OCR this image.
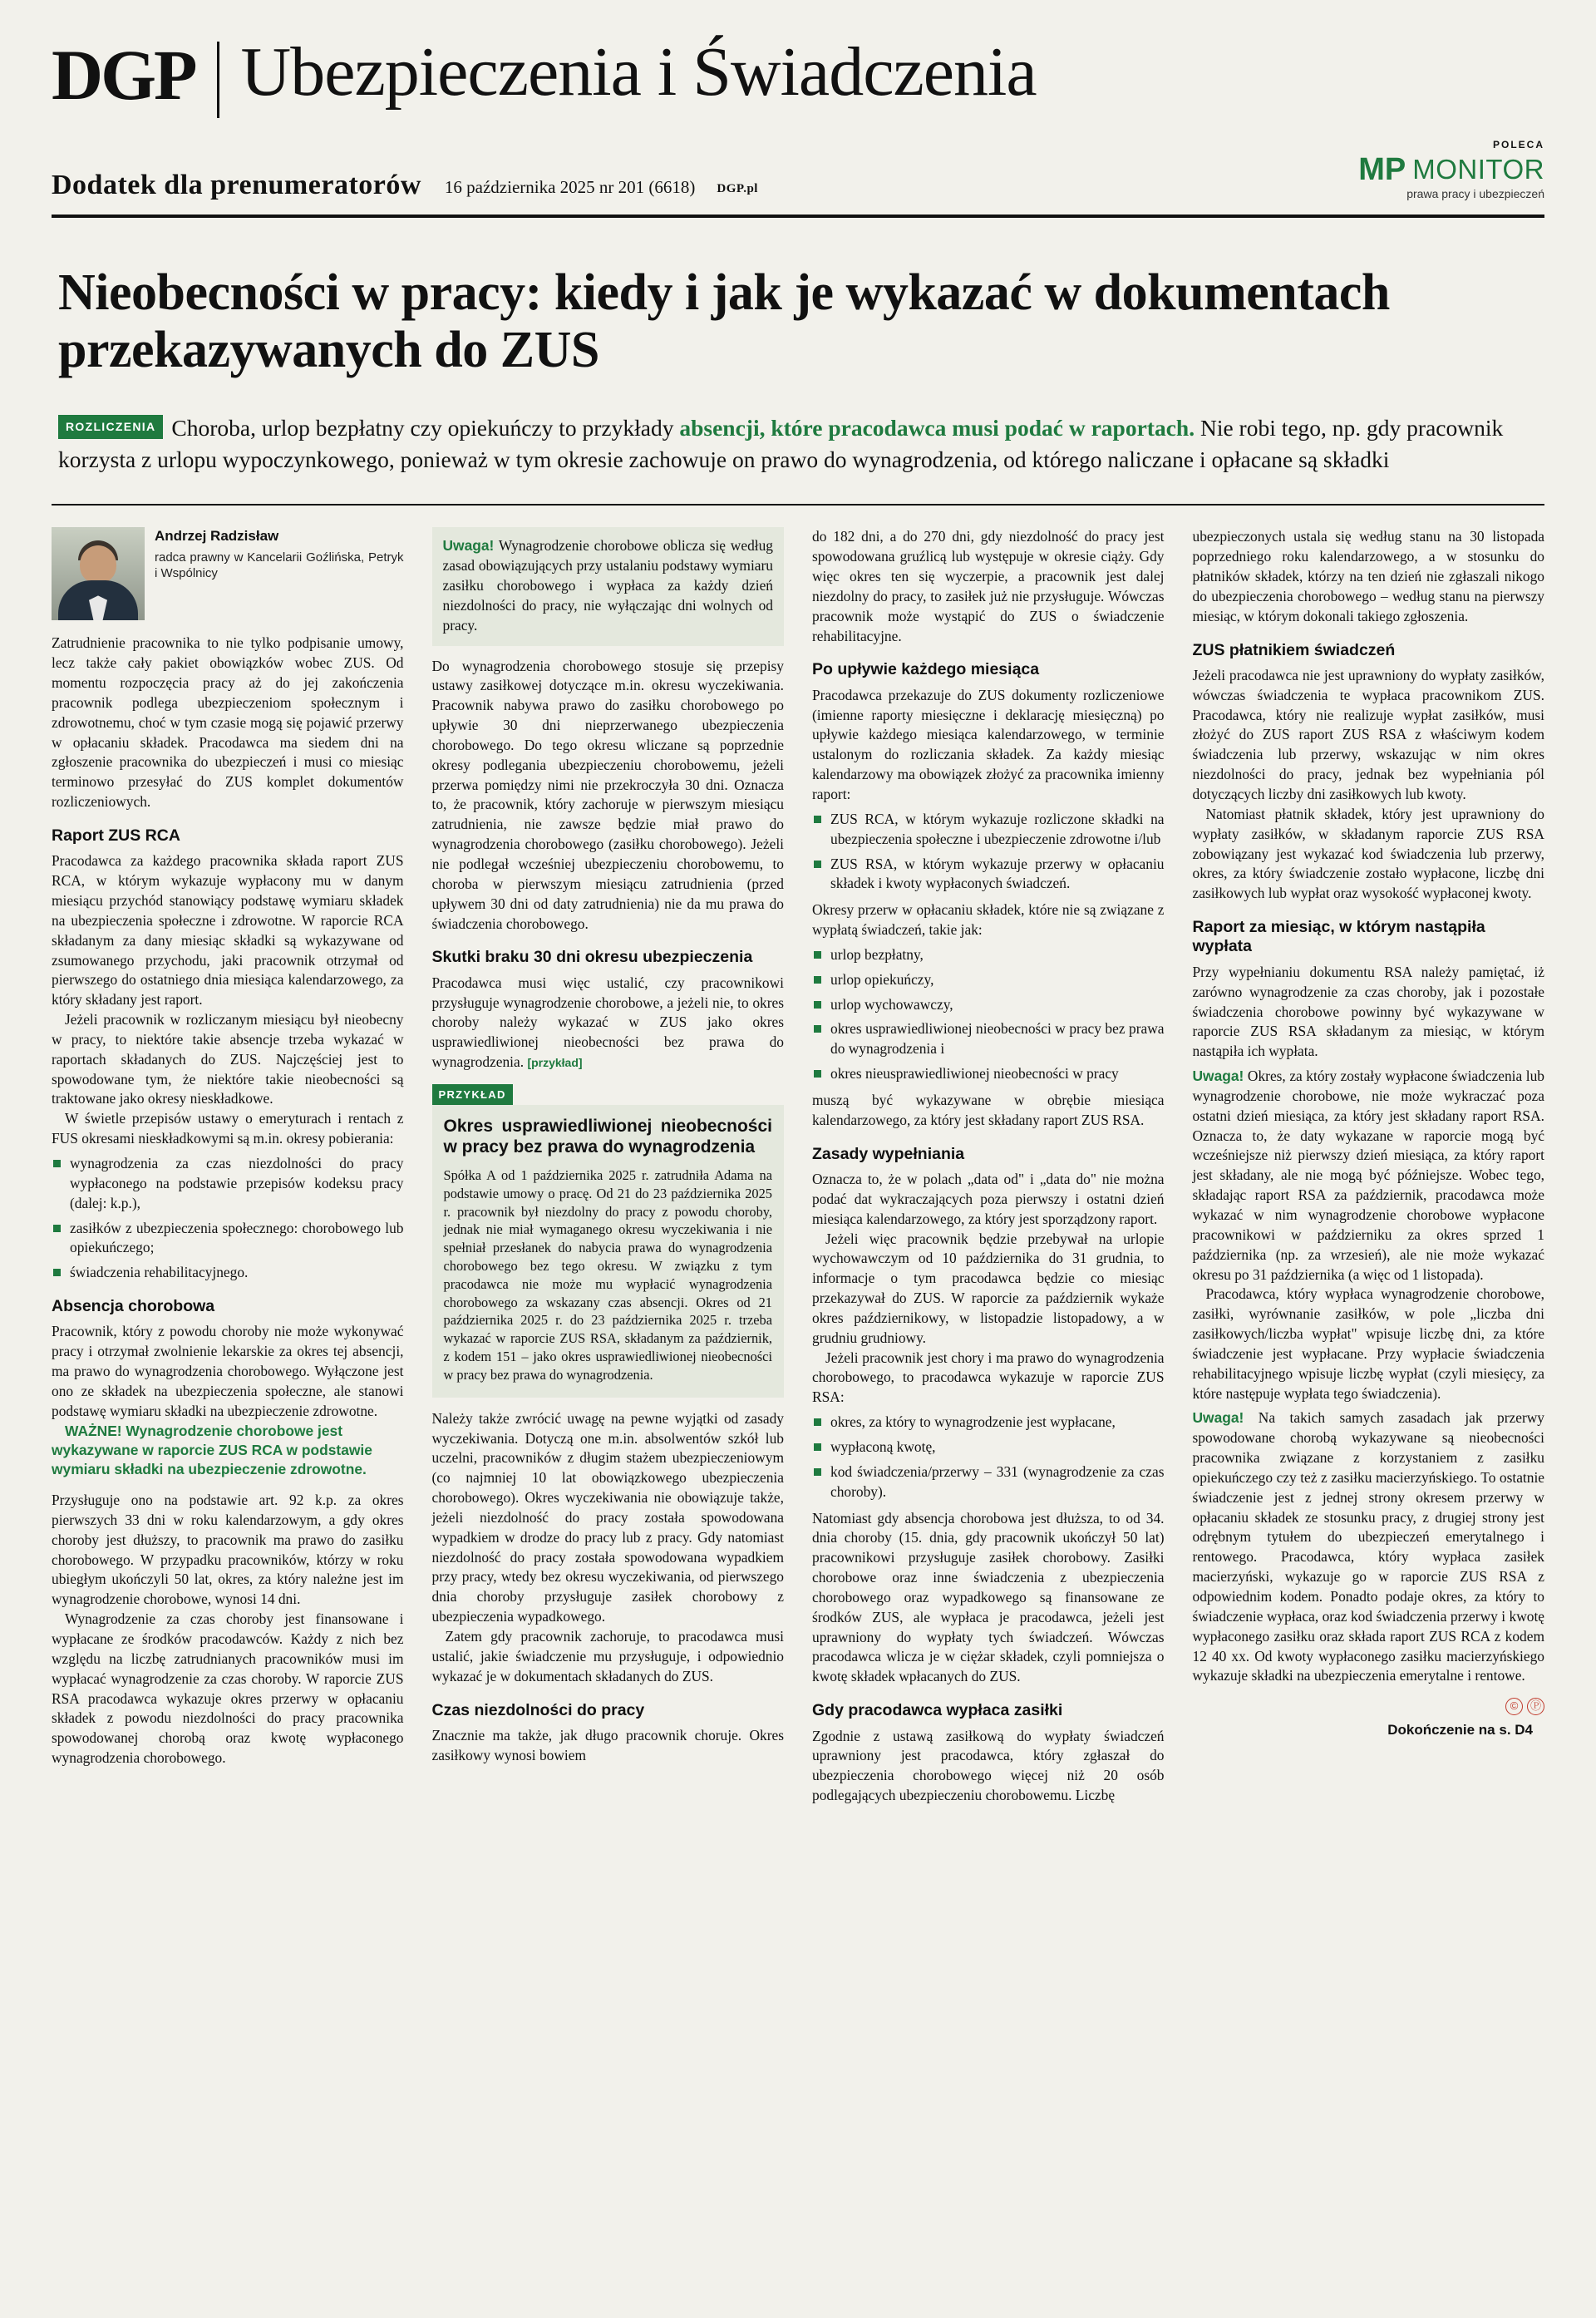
DGP Ubezpieczenia i Świadczenia
Dodatek dla prenumeratorów 16 października 2025 nr 201 (6618) DGP.pl
POLECA
MP MONITOR
prawa pracy i ubezpieczeń
Nieobecności w pracy: kiedy i jak je wykazać w dokumentach przekazywanych do ZUS
ROZLICZENIA Choroba, urlop bezpłatny czy opiekuńczy to przykłady absencji, które pracodawca musi podać w raportach. Nie robi tego, np. gdy pracownik korzysta z urlopu wypoczynkowego, ponieważ w tym okresie zachowuje on prawo do wynagrodzenia, od którego naliczane i opłacane są składki
Andrzej Radzisław
radca prawny w Kancelarii Goźlińska, Petryk i Wspólnicy

Zatrudnienie pracownika to nie tylko podpisanie umowy, lecz także cały pakiet obowiązków wobec ZUS. Od momentu rozpoczęcia pracy aż do jej zakończenia pracownik podlega ubezpieczeniom społecznym i zdrowotnemu, choć w tym czasie mogą się pojawić przerwy w opłacaniu składek. Pracodawca ma siedem dni na zgłoszenie pracownika do ubezpieczeń i musi co miesiąc terminowo przesyłać do ZUS komplet dokumentów rozliczeniowych.

Raport ZUS RCA

Pracodawca za każdego pracownika składa raport ZUS RCA, w którym wykazuje wypłacony mu w danym miesiącu przychód stanowiący podstawę wymiaru składek na ubezpieczenia społeczne i zdrowotne. W raporcie RCA składanym za dany miesiąc składki są wykazywane od zsumowanego przychodu, jaki pracownik otrzymał od pierwszego do ostatniego dnia miesiąca kalendarzowego, za który składany jest raport.

Jeżeli pracownik w rozliczanym miesiącu był nieobecny w pracy, to niektóre takie absencje trzeba wykazać w raportach składanych do ZUS. Najczęściej jest to spowodowane tym, że niektóre takie nieobecności są traktowane jako okresy nieskładkowe.

W świetle przepisów ustawy o emeryturach i rentach z FUS okresami nieskładkowymi są m.in. okresy pobierania:

wynagrodzenia za czas niezdolności do pracy wypłaconego na podstawie przepisów kodeksu pracy (dalej: k.p.),
zasiłków z ubezpieczenia społecznego: chorobowego lub opiekuńczego;
świadczenia rehabilitacyjnego.
Absencja chorobowa

Pracownik, który z powodu choroby nie może wykonywać pracy i otrzymał zwolnienie lekarskie za okres tej absencji, ma prawo do wynagrodzenia chorobowego. Wyłączone jest ono ze składek na ubezpieczenia społeczne, ale stanowi podstawę wymiaru składki na ubezpieczenie zdrowotne.

WAŻNE! Wynagrodzenie chorobowe jest wykazywane w raporcie ZUS RCA w podstawie wymiaru składki na ubezpieczenie zdrowotne.

Przysługuje ono na podstawie art. 92 k.p. za okres pierwszych 33 dni w roku kalendarzowym, a gdy okres choroby jest dłuższy, to pracownik ma prawo do zasiłku chorobowego. W przypadku pracowników, którzy w roku ubiegłym ukończyli 50 lat, okres, za który należne jest im wynagrodzenie chorobowe, wynosi 14 dni.

Wynagrodzenie za czas choroby jest finansowane i wypłacane ze środków pracodawców. Każdy z nich bez względu na liczbę zatrudnianych pracowników musi im wypłacać wynagrodzenie za czas choroby. W raporcie ZUS RSA pracodawca wykazuje okres przerwy w opłacaniu składek z powodu niezdolności do pracy pracownika spowodowanej chorobą oraz kwotę wypłaconego wynagrodzenia chorobowego.

Uwaga! Wynagrodzenie chorobowe oblicza się według zasad obowiązujących przy ustalaniu podstawy wymiaru zasiłku chorobowego i wypłaca za każdy dzień niezdolności do pracy, nie wyłączając dni wolnych od pracy.

Do wynagrodzenia chorobowego stosuje się przepisy ustawy zasiłkowej dotyczące m.in. okresu wyczekiwania. Pracownik nabywa prawo do zasiłku chorobowego po upływie 30 dni nieprzerwanego ubezpieczenia chorobowego. Do tego okresu wliczane są poprzednie okresy podlegania ubezpieczeniu chorobowemu, jeżeli przerwa pomiędzy nimi nie przekroczyła 30 dni. Oznacza to, że pracownik, który zachoruje w pierwszym miesiącu zatrudnienia, nie zawsze będzie miał prawo do wynagrodzenia chorobowego (zasiłku chorobowego). Jeżeli nie podlegał wcześniej ubezpieczeniu chorobowemu, to choroba w pierwszym miesiącu zatrudnienia (przed upływem 30 dni od daty zatrudnienia) nie da mu prawa do świadczenia chorobowego.

Skutki braku 30 dni okresu ubezpieczenia

Pracodawca musi więc ustalić, czy pracownikowi przysługuje wynagrodzenie chorobowe, a jeżeli nie, to okres choroby należy wykazać w ZUS jako okres usprawiedliwionej nieobecności bez prawa do wynagrodzenia. [przykład]

PRZYKŁAD
Okres usprawiedliwionej nieobecności w pracy bez prawa do wynagrodzenia

Spółka A od 1 października 2025 r. zatrudniła Adama na podstawie umowy o pracę. Od 21 do 23 października 2025 r. pracownik był niezdolny do pracy z powodu choroby, jednak nie miał wymaganego okresu wyczekiwania i nie spełniał przesłanek do nabycia prawa do wynagrodzenia chorobowego bez tego okresu. W związku z tym pracodawca nie może mu wypłacić wynagrodzenia chorobowego za wskazany czas absencji. Okres od 21 października 2025 r. do 23 października 2025 r. trzeba wykazać w raporcie ZUS RSA, składanym za październik, z kodem 151 – jako okres usprawiedliwionej nieobecności w pracy bez prawa do wynagrodzenia.

Należy także zwrócić uwagę na pewne wyjątki od zasady wyczekiwania. Dotyczą one m.in. absolwentów szkół lub uczelni, pracowników z długim stażem ubezpieczeniowym (co najmniej 10 lat obowiązkowego ubezpieczenia chorobowego). Okres wyczekiwania nie obowiązuje także, jeżeli niezdolność do pracy została spowodowana wypadkiem w drodze do pracy lub z pracy. Gdy natomiast niezdolność do pracy została spowodowana wypadkiem przy pracy, wtedy bez okresu wyczekiwania, od pierwszego dnia choroby przysługuje zasiłek chorobowy z ubezpieczenia wypadkowego.

Zatem gdy pracownik zachoruje, to pracodawca musi ustalić, jakie świadczenie mu przysługuje, i odpowiednio wykazać je w dokumentach składanych do ZUS.

Czas niezdolności do pracy

Znacznie ma także, jak długo pracownik choruje. Okres zasiłkowy wynosi bowiem

do 182 dni, a do 270 dni, gdy niezdolność do pracy jest spowodowana gruźlicą lub występuje w okresie ciąży. Gdy więc okres ten się wyczerpie, a pracownik jest dalej niezdolny do pracy, to zasiłek już nie przysługuje. Wówczas pracownik może wystąpić do ZUS o świadczenie rehabilitacyjne.

Po upływie każdego miesiąca

Pracodawca przekazuje do ZUS dokumenty rozliczeniowe (imienne raporty miesięczne i deklarację miesięczną) po upływie każdego miesiąca kalendarzowego, w terminie ustalonym do rozliczania składek. Za każdy miesiąc kalendarzowy ma obowiązek złożyć za pracownika imienny raport:

ZUS RCA, w którym wykazuje rozliczone składki na ubezpieczenia społeczne i ubezpieczenie zdrowotne i/lub
ZUS RSA, w którym wykazuje przerwy w opłacaniu składek i kwoty wypłaconych świadczeń.

Okresy przerw w opłacaniu składek, które nie są związane z wypłatą świadczeń, takie jak:

urlop bezpłatny,
urlop opiekuńczy,
urlop wychowawczy,
okres usprawiedliwionej nieobecności w pracy bez prawa do wynagrodzenia i
okres nieusprawiedliwionej nieobecności w pracy

muszą być wykazywane w obrębie miesiąca kalendarzowego, za który jest składany raport ZUS RSA.

Zasady wypełniania

Oznacza to, że w polach „data od" i „data do" nie można podać dat wykraczających poza pierwszy i ostatni dzień miesiąca kalendarzowego, za który jest sporządzony raport.

Jeżeli więc pracownik będzie przebywał na urlopie wychowawczym od 10 października do 31 grudnia, to informacje o tym pracodawca będzie co miesiąc przekazywał do ZUS. W raporcie za październik wykaże okres październikowy, w listopadzie listopadowy, a w grudniu grudniowy.

Jeżeli pracownik jest chory i ma prawo do wynagrodzenia chorobowego, to pracodawca wykazuje w raporcie ZUS RSA:

okres, za który to wynagrodzenie jest wypłacane,
wypłaconą kwotę,
kod świadczenia/przerwy – 331 (wynagrodzenie za czas choroby).

Natomiast gdy absencja chorobowa jest dłuższa, to od 34. dnia choroby (15. dnia, gdy pracownik ukończył 50 lat) pracownikowi przysługuje zasiłek chorobowy. Zasiłki chorobowe oraz inne świadczenia z ubezpieczenia chorobowego oraz wypadkowego są finansowane ze środków ZUS, ale wypłaca je pracodawca, jeżeli jest uprawniony do wypłaty tych świadczeń. Wówczas pracodawca wlicza je w ciężar składek, czyli pomniejsza o kwotę składek wpłacanych do ZUS.

Gdy pracodawca wypłaca zasiłki

Zgodnie z ustawą zasiłkową do wypłaty świadczeń uprawniony jest pracodawca, który zgłaszał do ubezpieczenia chorobowego więcej niż 20 osób podlegających ubezpieczeniu chorobowemu. Liczbę

ubezpieczonych ustala się według stanu na 30 listopada poprzedniego roku kalendarzowego, a w stosunku do płatników składek, którzy na ten dzień nie zgłaszali nikogo do ubezpieczenia chorobowego – według stanu na pierwszy miesiąc, w którym dokonali takiego zgłoszenia.

ZUS płatnikiem świadczeń

Jeżeli pracodawca nie jest uprawniony do wypłaty zasiłków, wówczas świadczenia te wypłaca pracownikom ZUS. Pracodawca, który nie realizuje wypłat zasiłków, musi złożyć do ZUS raport ZUS RSA z właściwym kodem świadczenia lub przerwy, wskazując w nim okres niezdolności do pracy, jednak bez wypełniania pól dotyczących liczby dni zasiłkowych lub kwoty.

Natomiast płatnik składek, który jest uprawniony do wypłaty zasiłków, w składanym raporcie ZUS RSA zobowiązany jest wykazać kod świadczenia lub przerwy, okres, za który świadczenie zostało wypłacone, liczbę dni zasiłkowych lub wypłat oraz wysokość wypłaconej kwoty.

Raport za miesiąc, w którym nastąpiła wypłata

Przy wypełnianiu dokumentu RSA należy pamiętać, iż zarówno wynagrodzenie za czas choroby, jak i pozostałe świadczenia chorobowe powinny być wykazywane w raporcie ZUS RSA składanym za miesiąc, w którym nastąpiła ich wypłata.

Uwaga! Okres, za który zostały wypłacone świadczenia lub wynagrodzenie chorobowe, nie może wykraczać poza ostatni dzień miesiąca, za który jest składany raport RSA. Oznacza to, że daty wykazane w raporcie mogą być wcześniejsze niż pierwszy dzień miesiąca, za który raport jest składany, ale nie mogą być późniejsze. Wobec tego, składając raport RSA za październik, pracodawca może wykazać w nim wynagrodzenie chorobowe wypłacone pracownikowi w październiku za okres sprzed 1 października (np. za wrzesień), ale nie może wykazać okresu po 31 października (a więc od 1 listopada).

Pracodawca, który wypłaca wynagrodzenie chorobowe, zasiłki, wyrównanie zasiłków, w pole „liczba dni zasiłkowych/liczba wypłat" wpisuje liczbę dni, za które świadczenie jest wypłacane. Przy wypłacie świadczenia rehabilitacyjnego wpisuje liczbę wypłat (czyli miesięcy, za które następuje wypłata tego świadczenia).

Uwaga! Na takich samych zasadach jak przerwy spowodowane chorobą wykazywane są nieobecności pracownika związane z korzystaniem z zasiłku opiekuńczego czy też z zasiłku macierzyńskiego. To ostatnie świadczenie jest z jednej strony okresem przerwy w opłacaniu składek ze stosunku pracy, z drugiej strony jest odrębnym tytułem do ubezpieczeń emerytalnego i rentowego. Pracodawca, który wypłaca zasiłek macierzyński, wykazuje go w raporcie ZUS RSA z odpowiednim kodem. Ponadto podaje okres, za który to świadczenie wypłaca, oraz kod świadczenia przerwy i kwotę wypłaconego zasiłku oraz składa raport ZUS RCA z kodem 12 40 xx. Od kwoty wypłaconego zasiłku macierzyńskiego wykazuje składki na ubezpieczenia emerytalne i rentowe.

©	Ⓟ
Dokończenie na s. D4
